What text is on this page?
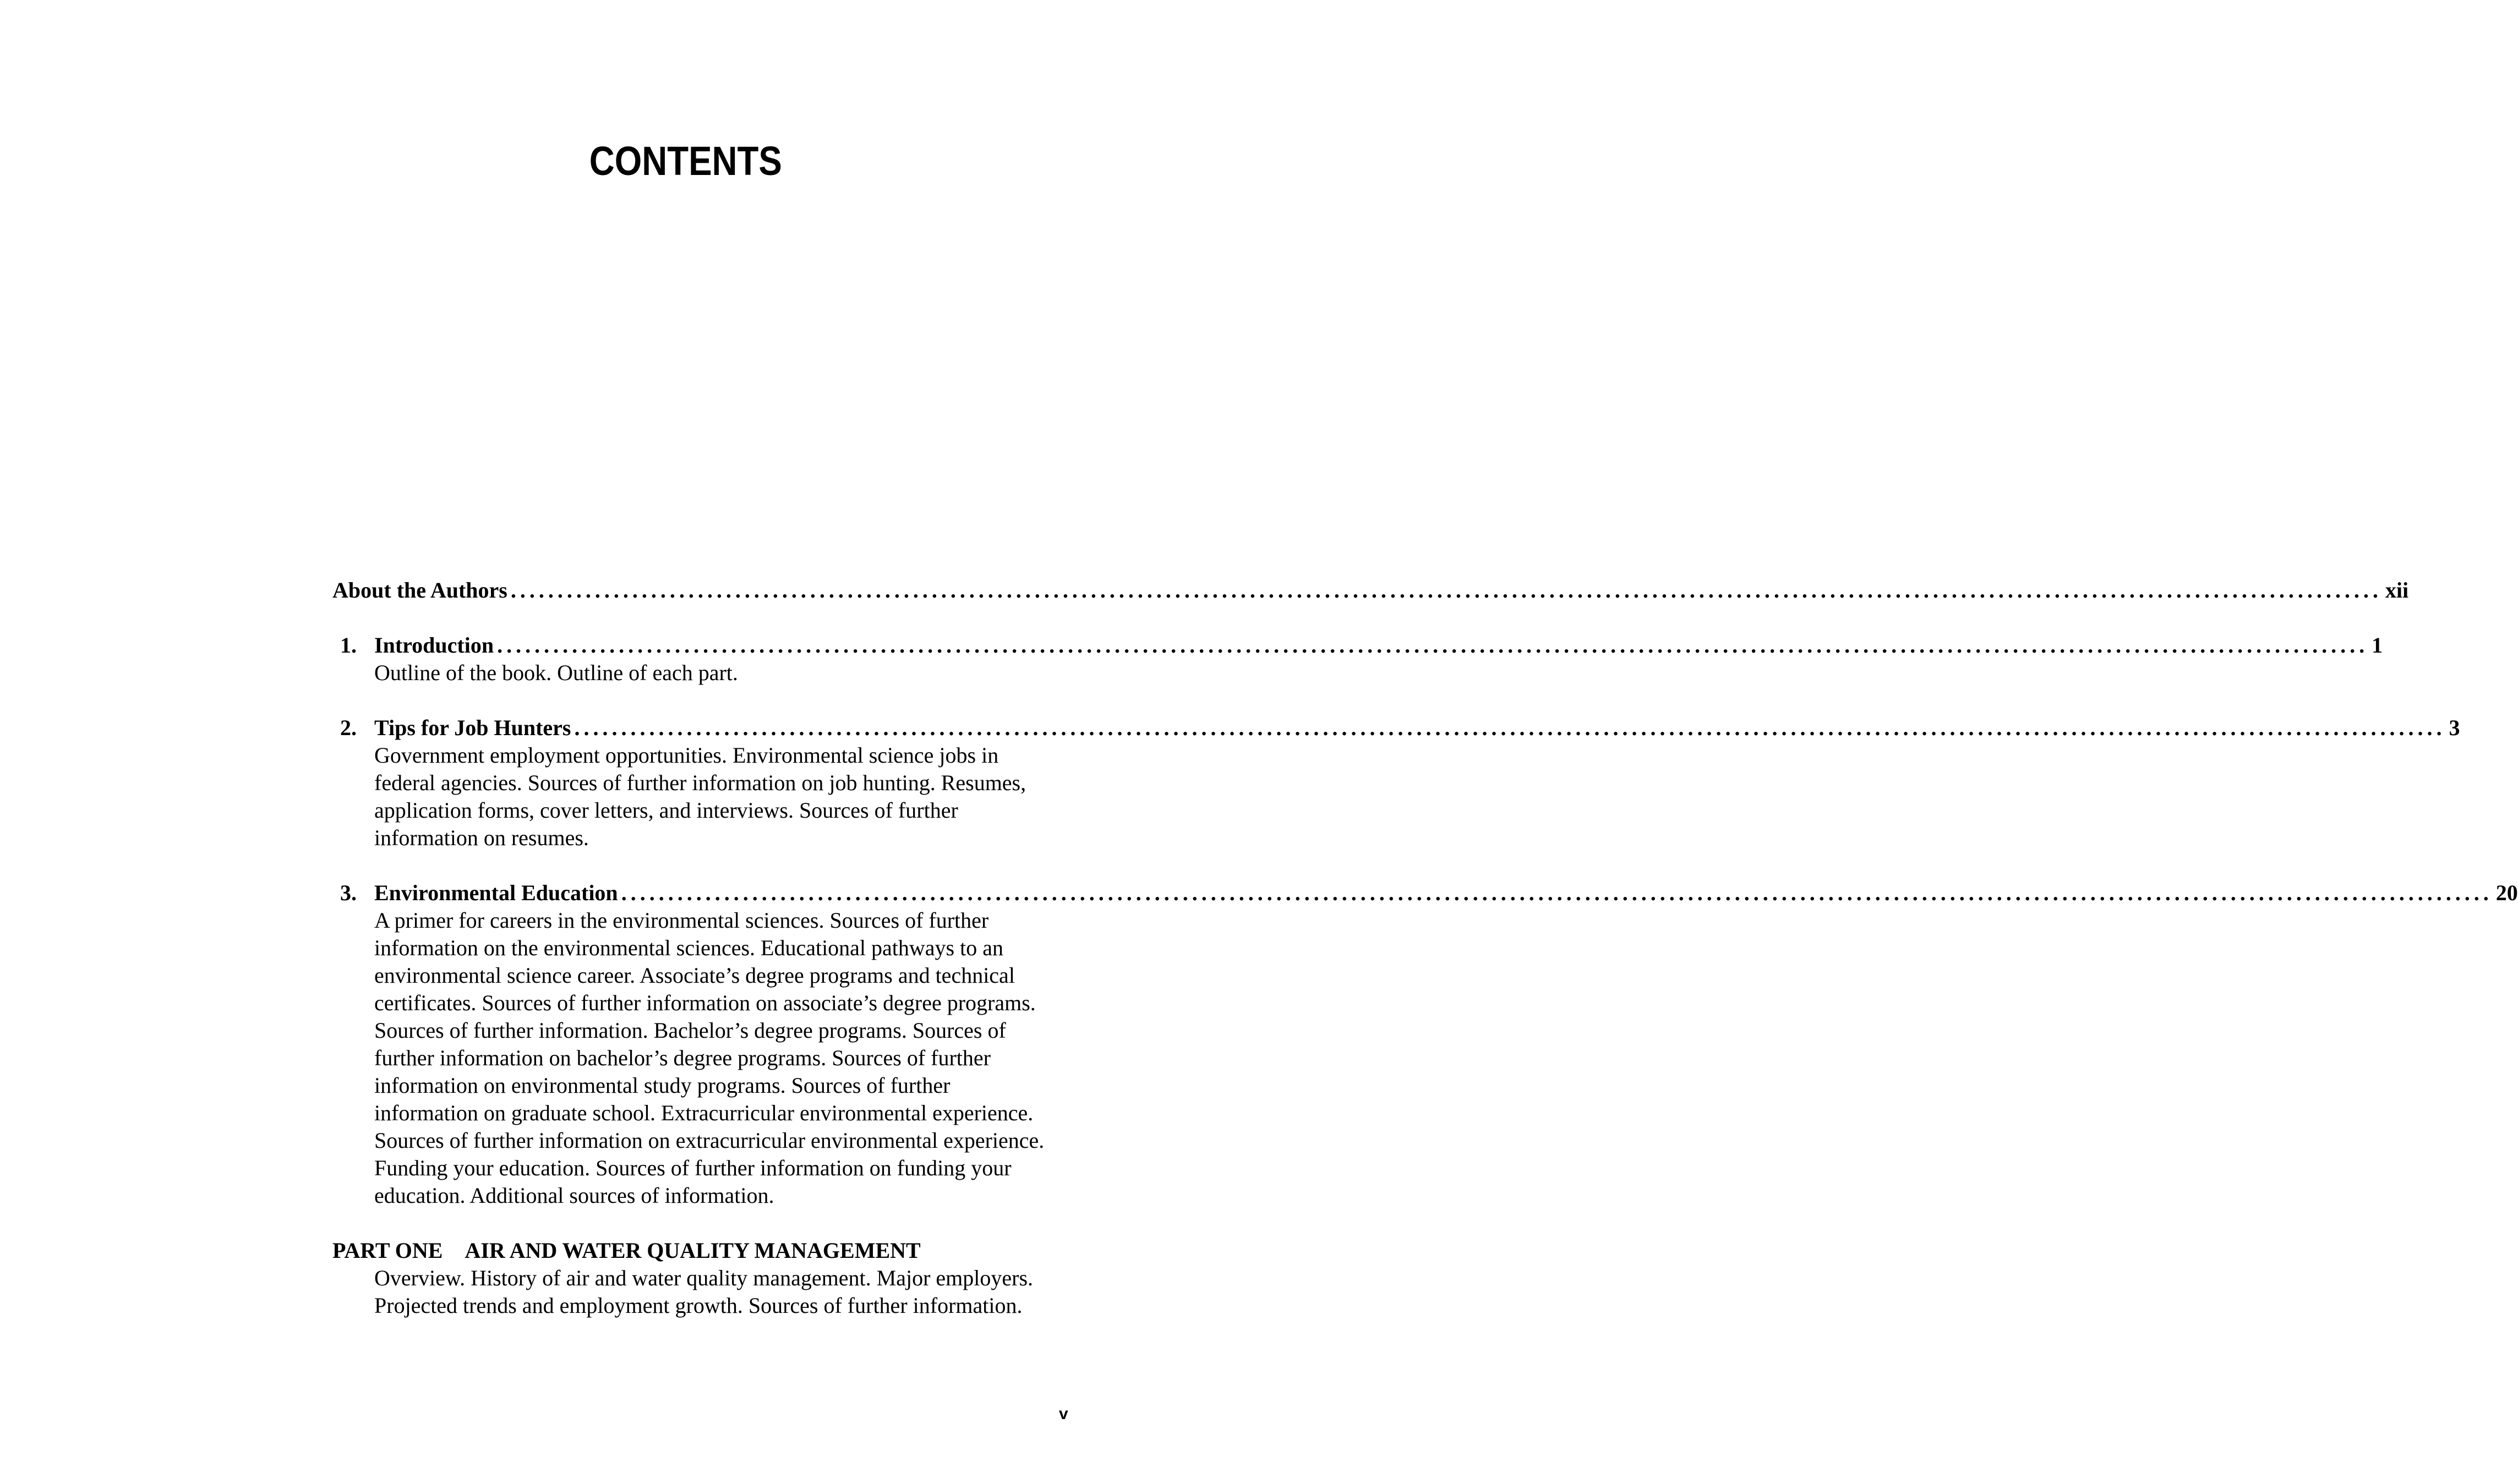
CONTENTS
About the Authors ........................................................................................................................................................................................................ xii
1. Introduction ........................................................................................................................................................................................................ 1
Outline of the book. Outline of each part.
2. Tips for Job Hunters ........................................................................................................................................................................................................ 3
Government employment opportunities. Environmental science jobs in
federal agencies. Sources of further information on job hunting. Resumes,
application forms, cover letters, and interviews. Sources of further
information on resumes.
3. Environmental Education ........................................................................................................................................................................................................ 20
A primer for careers in the environmental sciences. Sources of further
information on the environmental sciences. Educational pathways to an
environmental science career. Associate’s degree programs and technical
certificates. Sources of further information on associate’s degree programs.
Sources of further information. Bachelor’s degree programs. Sources of
further information on bachelor’s degree programs. Sources of further
information on environmental study programs. Sources of further
information on graduate school. Extracurricular environmental experience.
Sources of further information on extracurricular environmental experience.
Funding your education. Sources of further information on funding your
education. Additional sources of information.
PART ONE AIR AND WATER QUALITY MANAGEMENT
Overview. History of air and water quality management. Major employers.
Projected trends and employment growth. Sources of further information.
v
